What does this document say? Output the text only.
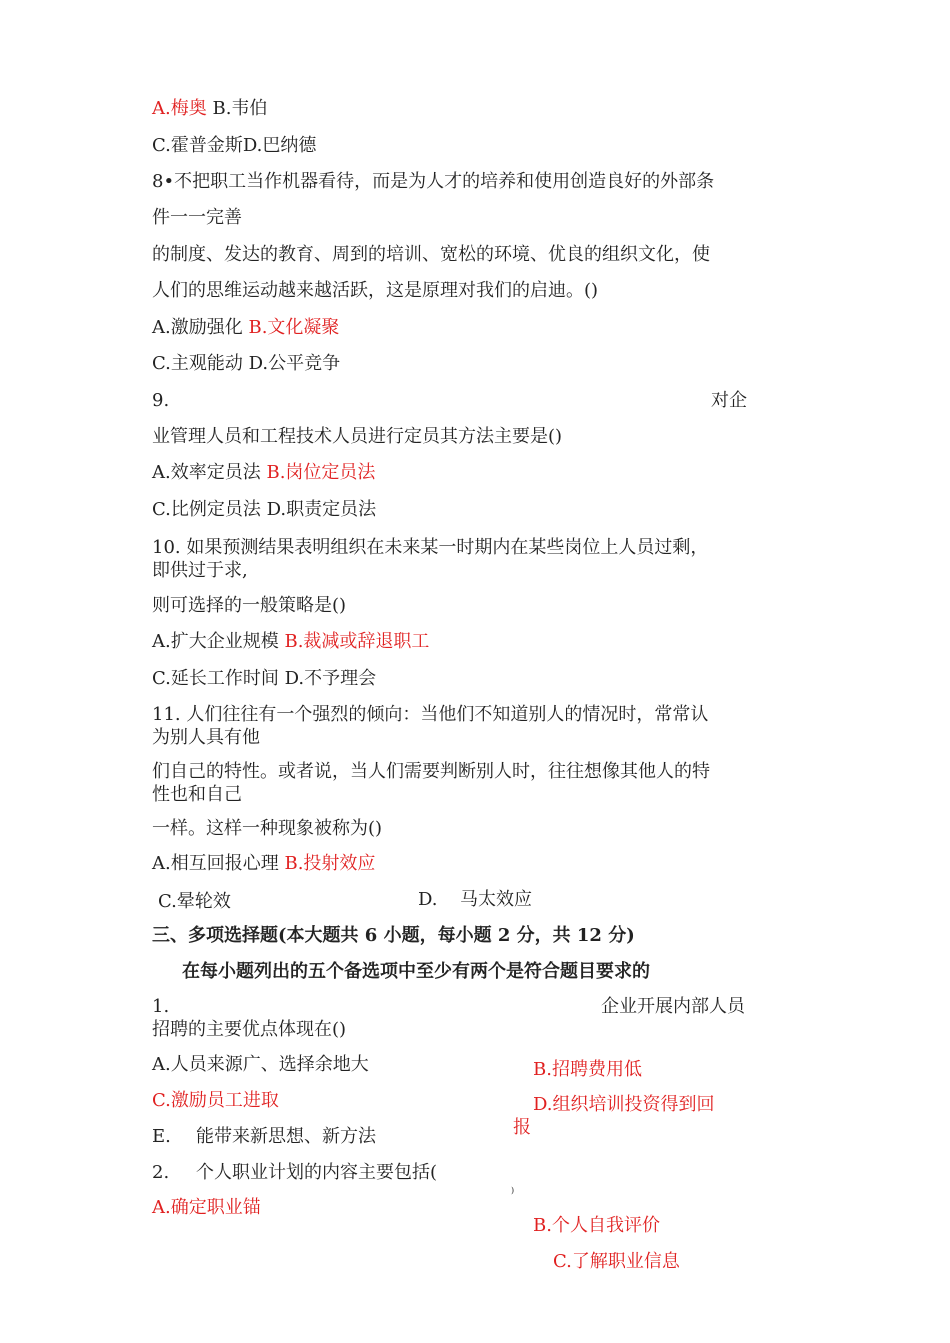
A.梅奥 B.韦伯
C.霍普金斯D.巴纳德
8•不把职工当作机器看待，而是为人才的培养和使用创造良好的外部条
件一一完善
的制度、发达的教育、周到的培训、宽松的环境、优良的组织文化，使
人们的思维运动越来越活跃，这是原理对我们的启迪。()
A.激励强化 B.文化凝聚
C.主观能动 D.公平竞争
9.	对企
业管理人员和工程技术人员进行定员其方法主要是()
A.效率定员法 B.岗位定员法
C.比例定员法 D.职责定员法
10. 如果预测结果表明组织在未来某一时期内在某些岗位上人员过剩，
即供过于求,
则可选择的一般策略是()
A.扩大企业规模 B.裁减或辞退职工
C.延长工作时间 D.不予理会
11. 人们往往有一个强烈的倾向：当他们不知道别人的情况时，常常认
为别人具有他
们自己的特性。或者说，当人们需要判断别人时，往往想像其他人的特
性也和自己
一样。这样一种现象被称为()
A.相互回报心理 B.投射效应
C.晕轮效	D. 马太效应
三、多项选择题(本大题共 6 小题，每小题 2 分，共 12 分)
在每小题列出的五个备选项中至少有两个是符合题目要求的
1.	企业开展内部人员
招聘的主要优点体现在()
A.人员来源广、选择余地大	B.招聘费用低
C.激励员工进取	D.组织培训投资得到回
报
E. 能带来新思想、新方法
2. 个人职业计划的内容主要包括(
)
A.确定职业锚
B.个人自我评价
C.了解职业信息
